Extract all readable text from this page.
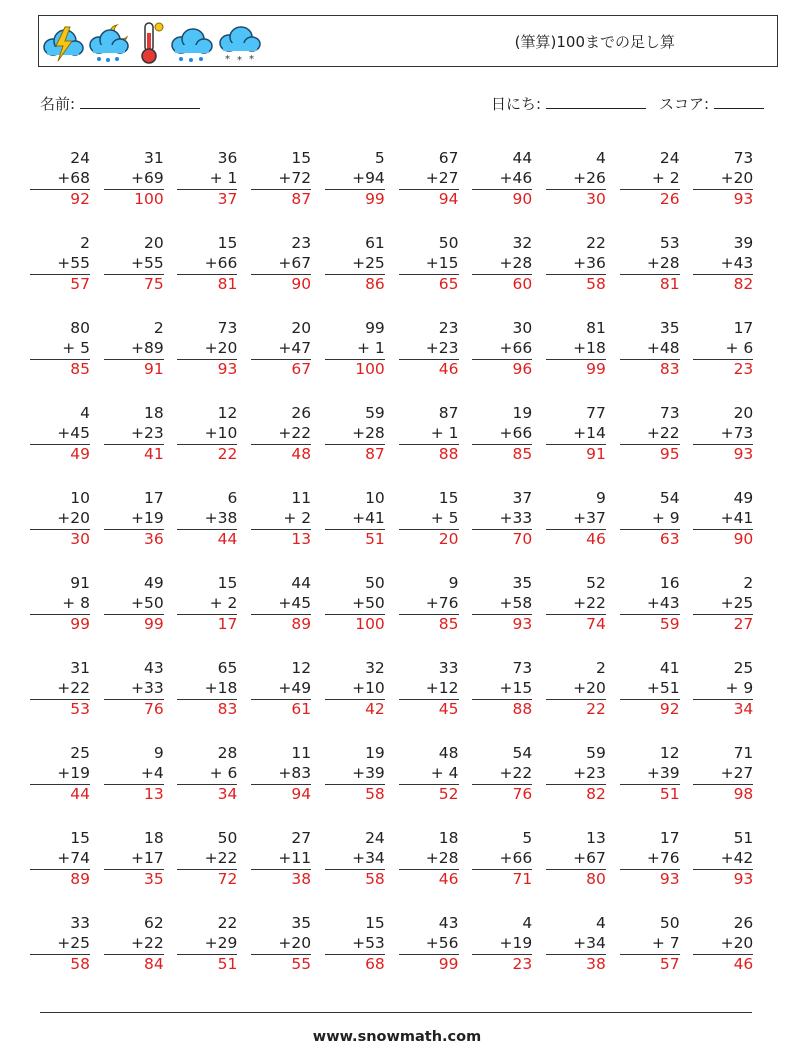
* * *
(筆算)100までの足し算
名前:	日にち:	スコア:
24
+68
92
31
+69
100
36
+ 1
37
15
+72
87
5
+94
99
67
+27
94
44
+46
90
4
+26
30
24
+ 2
26
73
+20
93
2
+55
57
20
+55
75
15
+66
81
23
+67
90
61
+25
86
50
+15
65
32
+28
60
22
+36
58
53
+28
81
39
+43
82
80
+ 5
85
2
+89
91
73
+20
93
20
+47
67
99
+ 1
100
23
+23
46
30
+66
96
81
+18
99
35
+48
83
17
+ 6
23
4
+45
49
18
+23
41
12
+10
22
26
+22
48
59
+28
87
87
+ 1
88
19
+66
85
77
+14
91
73
+22
95
20
+73
93
10
+20
30
17
+19
36
6
+38
44
11
+ 2
13
10
+41
51
15
+ 5
20
37
+33
70
9
+37
46
54
+ 9
63
49
+41
90
91
+ 8
99
49
+50
99
15
+ 2
17
44
+45
89
50
+50
100
9
+76
85
35
+58
93
52
+22
74
16
+43
59
2
+25
27
31
+22
53
43
+33
76
65
+18
83
12
+49
61
32
+10
42
33
+12
45
73
+15
88
2
+20
22
41
+51
92
25
+ 9
34
25
+19
44
9
+4
13
28
+ 6
34
11
+83
94
19
+39
58
48
+ 4
52
54
+22
76
59
+23
82
12
+39
51
71
+27
98
15
+74
89
18
+17
35
50
+22
72
27
+11
38
24
+34
58
18
+28
46
5
+66
71
13
+67
80
17
+76
93
51
+42
93
33
+25
58
62
+22
84
22
+29
51
35
+20
55
15
+53
68
43
+56
99
4
+19
23
4
+34
38
50
+ 7
57
26
+20
46
www.snowmath.com
